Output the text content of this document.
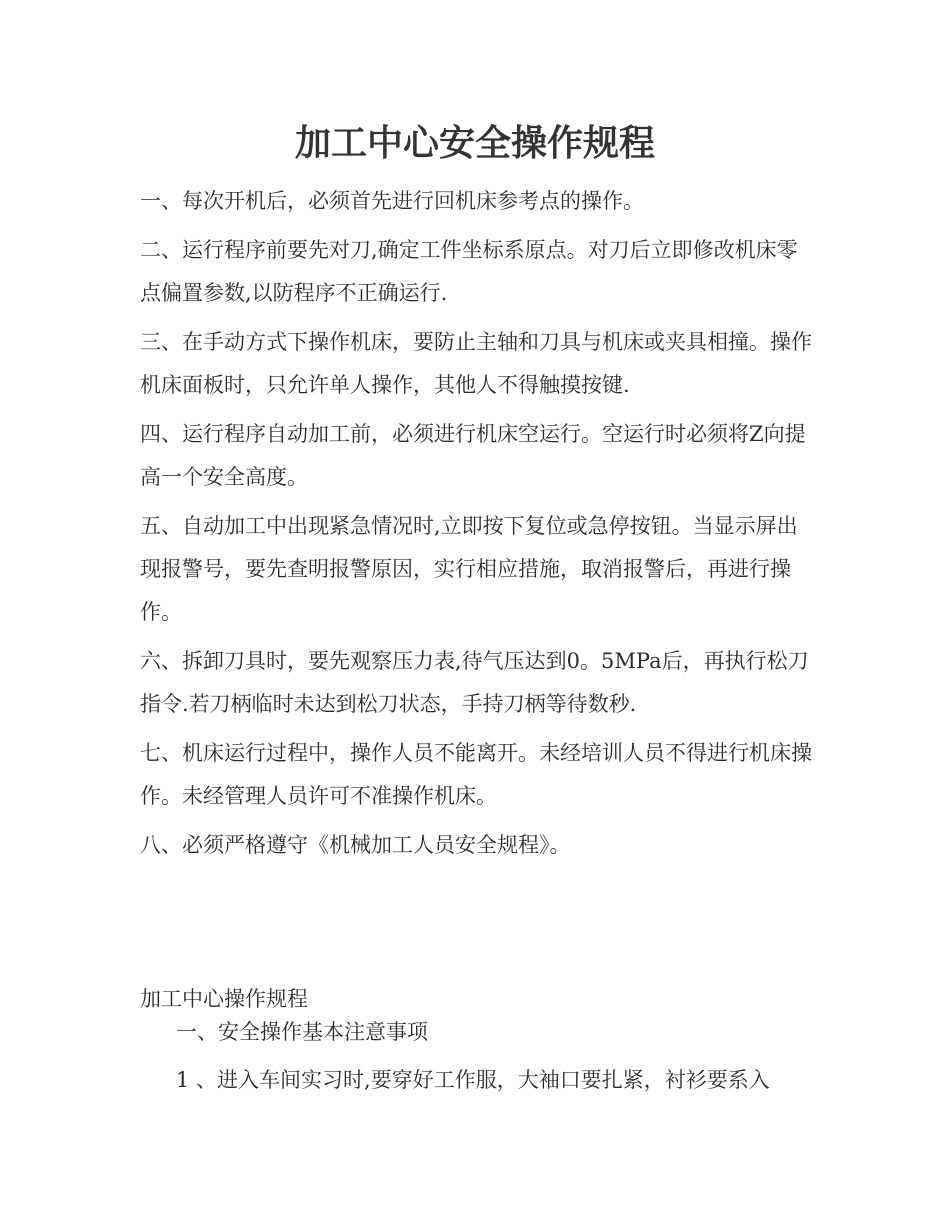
加工中心安全操作规程
一、每次开机后，必须首先进行回机床参考点的操作。
二、运行程序前要先对刀,确定工件坐标系原点。对刀后立即修改机床零点偏置参数,以防程序不正确运行.
三、在手动方式下操作机床，要防止主轴和刀具与机床或夹具相撞。操作机床面板时，只允许单人操作，其他人不得触摸按键.
四、运行程序自动加工前，必须进行机床空运行。空运行时必须将Z向提高一个安全高度。
五、自动加工中出现紧急情况时,立即按下复位或急停按钮。当显示屏出现报警号，要先查明报警原因，实行相应措施，取消报警后，再进行操作。
六、拆卸刀具时，要先观察压力表,待气压达到0。5MPa后，再执行松刀指令.若刀柄临时未达到松刀状态，手持刀柄等待数秒.
七、机床运行过程中，操作人员不能离开。未经培训人员不得进行机床操作。未经管理人员许可不准操作机床。
八、必须严格遵守《机械加工人员安全规程》。

加工中心操作规程

一、安全操作基本注意事项

1 、进入车间实习时,要穿好工作服，大袖口要扎紧，衬衫要系入
